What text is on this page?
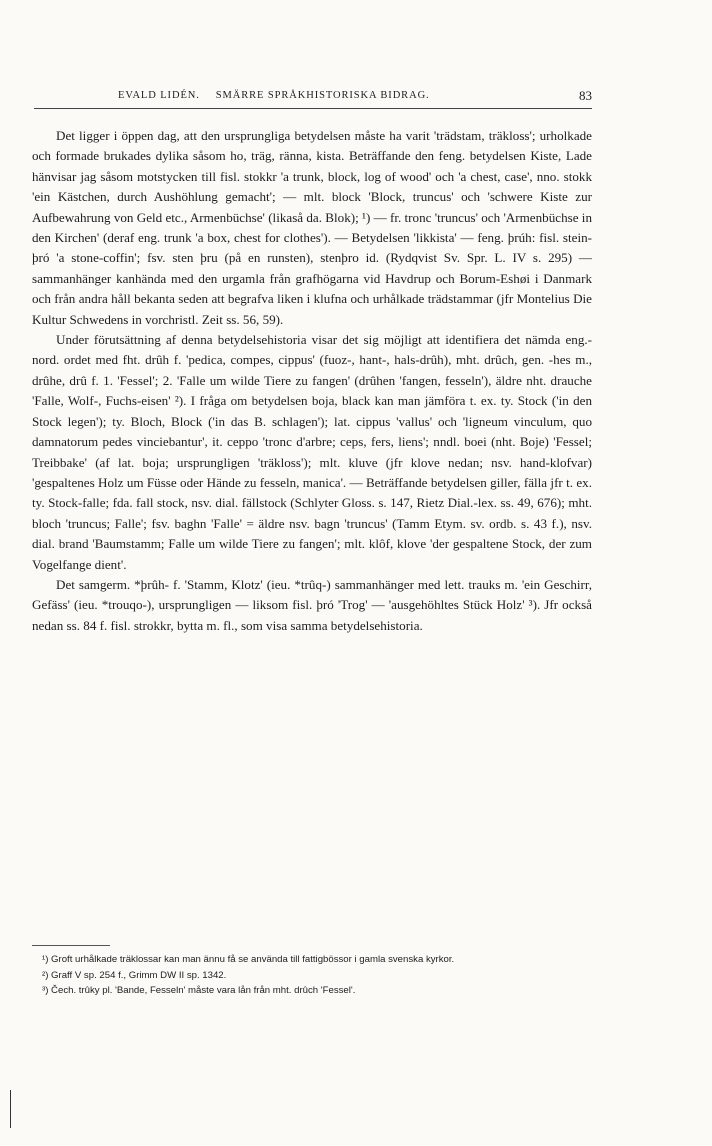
EVALD LIDÉN. SMÄRRE SPRÅKHISTORISKA BIDRAG.	83

Det ligger i öppen dag, att den ursprungliga betydelsen måste ha varit 'trädstam, träkloss'; urholkade och formade brukades dylika såsom ho, träg, ränna, kista. Beträffande den feng. betydelsen Kiste, Lade hänvisar jag såsom motstycken till fisl. stokkr 'a trunk, block, log of wood' och 'a chest, case', nno. stokk 'ein Kästchen, durch Aushöhlung gemacht'; — mlt. block 'Block, truncus' och 'schwere Kiste zur Aufbewahrung von Geld etc., Armenbüchse' (likaså da. Blok); ¹) — fr. tronc 'truncus' och 'Armenbüchse in den Kirchen' (deraf eng. trunk 'a box, chest for clothes'). — Betydelsen 'likkista' — feng. þrúh: fisl. stein-þró 'a stone-coffin'; fsv. sten þru (på en runsten), stenþro id. (Rydqvist Sv. Spr. L. IV s. 295) — sammanhänger kanhända med den urgamla från grafhögarna vid Havdrup och Borum-Eshøi i Danmark och från andra håll bekanta seden att begrafva liken i klufna och urhålkade trädstammar (jfr Montelius Die Kultur Schwedens in vorchristl. Zeit ss. 56, 59).

Under förutsättning af denna betydelsehistoria visar det sig möjligt att identifiera det nämda eng.-nord. ordet med fht. drûh f. 'pedica, compes, cippus' (fuoz-, hant-, hals-drûh), mht. drûch, gen. -hes m., drûhe, drû f. 1. 'Fessel'; 2. 'Falle um wilde Tiere zu fangen' (drûhen 'fangen, fesseln'), äldre nht. drauche 'Falle, Wolf-, Fuchs-eisen' ²). I fråga om betydelsen boja, black kan man jämföra t. ex. ty. Stock ('in den Stock legen'); ty. Bloch, Block ('in das B. schlagen'); lat. cippus 'vallus' och 'ligneum vinculum, quo damnatorum pedes vinciebantur', it. ceppo 'tronc d'arbre; ceps, fers, liens'; nndl. boei (nht. Boje) 'Fessel; Treibbake' (af lat. boja; ursprungligen 'träkloss'); mlt. kluve (jfr klove nedan; nsv. hand-klofvar) 'gespaltenes Holz um Füsse oder Hände zu fesseln, manica'. — Beträffande betydelsen giller, fälla jfr t. ex. ty. Stock-falle; fda. fall stock, nsv. dial. fällstock (Schlyter Gloss. s. 147, Rietz Dial.-lex. ss. 49, 676); mht. bloch 'truncus; Falle'; fsv. baghn 'Falle' = äldre nsv. bagn 'truncus' (Tamm Etym. sv. ordb. s. 43 f.), nsv. dial. brand 'Baumstamm; Falle um wilde Tiere zu fangen'; mlt. klôf, klove 'der gespaltene Stock, der zum Vogelfange dient'.

Det samgerm. *þrûh- f. 'Stamm, Klotz' (ieu. *trûq-) sammanhänger med lett. trauks m. 'ein Geschirr, Gefäss' (ieu. *trouqo-), ursprungligen — liksom fisl. þró 'Trog' — 'ausgehöhltes Stück Holz' ³). Jfr också nedan ss. 84 f. fisl. strokkr, bytta m. fl., som visa samma betydelsehistoria.

¹) Groft urhålkade träklossar kan man ännu få se använda till fattigbössor i gamla svenska kyrkor.

²) Graff V sp. 254 f., Grimm DW II sp. 1342.

³) Čech. trûky pl. 'Bande, Fesseln' måste vara lån från mht. drûch 'Fessel'.
